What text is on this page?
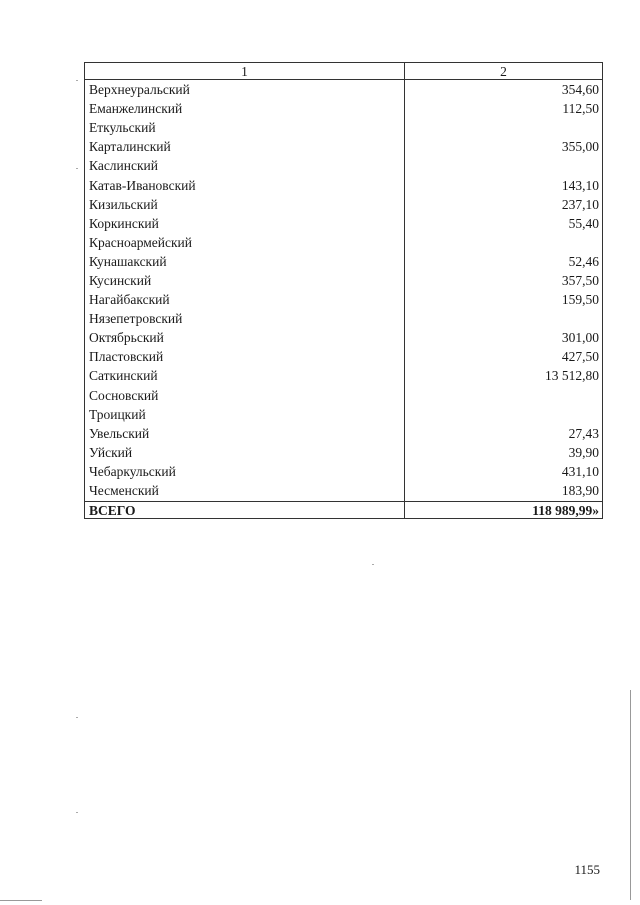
1	2
Верхнеуральский	354,60
Еманжелинский	112,50
Еткульский	
Карталинский	355,00
Каслинский	
Катав-Ивановский	143,10
Кизильский	237,10
Коркинский	55,40
Красноармейский	
Кунашакский	52,46
Кусинский	357,50
Нагайбакский	159,50
Нязепетровский	
Октябрьский	301,00
Пластовский	427,50
Саткинский	13 512,80
Сосновский	
Троицкий	
Увельский	27,43
Уйский	39,90
Чебаркульский	431,10
Чесменский	183,90
ВСЕГО	118 989,99»
1155
